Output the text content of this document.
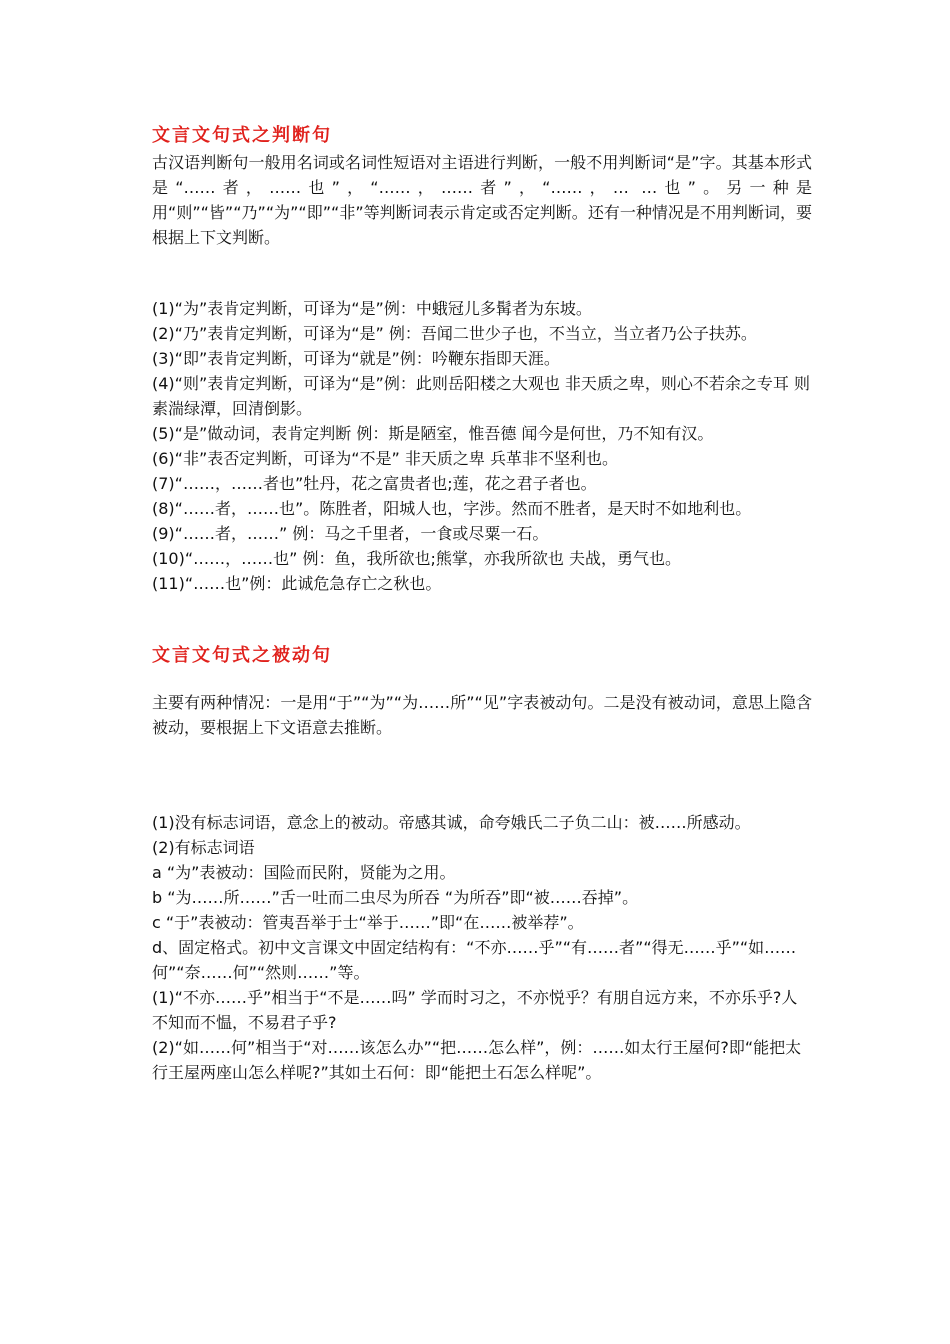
文言文句式之判断句

古汉语判断句一般用名词或名词性短语对主语进行判断，一般不用判断词“是”字。其基本形式是“……者，……也”，“……，……者”，“……，… …也”。另一种是用“则”“皆”“乃”“为”“即”“非”等判断词表示肯定或否定判断。还有一种情况是不用判断词，要根据上下文判断。

(1)“为”表肯定判断，可译为“是”例：中蛾冠儿多髯者为东坡。

(2)“乃”表肯定判断，可译为“是” 例：吾闻二世少子也，不当立，当立者乃公子扶苏。

(3)“即”表肯定判断，可译为“就是”例：吟鞭东指即天涯。

(4)“则”表肯定判断，可译为“是”例：此则岳阳楼之大观也 非天质之卑，则心不若余之专耳 则素湍绿潭，回清倒影。

(5)“是”做动词，表肯定判断 例：斯是陋室，惟吾德 闻今是何世，乃不知有汉。

(6)“非”表否定判断，可译为“不是” 非天质之卑 兵革非不坚利也。

(7)“……，……者也”牡丹，花之富贵者也;莲，花之君子者也。

(8)“……者，……也”。陈胜者，阳城人也，字涉。然而不胜者，是天时不如地利也。

(9)“……者，……” 例：马之千里者，一食或尽粟一石。

(10)“……，……也” 例：鱼，我所欲也;熊掌，亦我所欲也 夫战，勇气也。

(11)“……也”例：此诚危急存亡之秋也。

文言文句式之被动句

主要有两种情况：一是用“于”“为”“为……所”“见”字表被动句。二是没有被动词，意思上隐含被动，要根据上下文语意去推断。

(1)没有标志词语，意念上的被动。帝感其诚，命夸娥氏二子负二山：被……所感动。

(2)有标志词语

a “为”表被动：国险而民附，贤能为之用。

b “为……所……”舌一吐而二虫尽为所吞 “为所吞”即“被……吞掉”。

c “于”表被动：管夷吾举于士“举于……”即“在……被举荐”。

d、固定格式。初中文言课文中固定结构有：“不亦……乎”“有……者”“得无……乎”“如……何”“奈……何”“然则……”等。

(1)“不亦……乎”相当于“不是……吗” 学而时习之，不亦悦乎？有朋自远方来，不亦乐乎?人不知而不愠，不易君子乎?

(2)“如……何”相当于“对……该怎么办”“把……怎么样”，例：……如太行王屋何?即“能把太行王屋两座山怎么样呢?”其如土石何：即“能把土石怎么样呢”。
